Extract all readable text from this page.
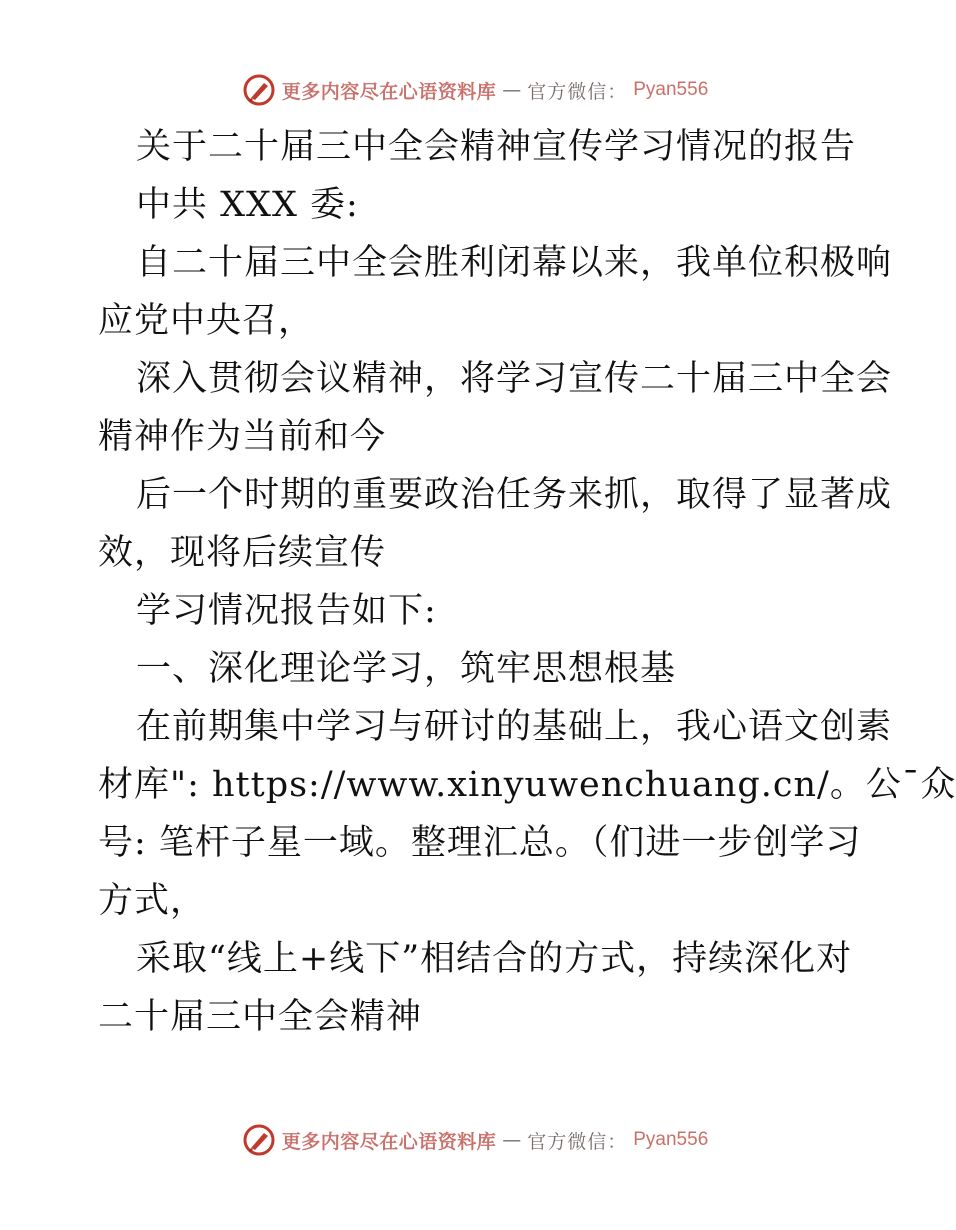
更多内容尽在心语资料库 — 官方微信： Pyan556
关于二十届三中全会精神宣传学习情况的报告
中共 XXX 委:
自二十届三中全会胜利闭幕以来，我单位积极响
应党中央召，
深入贯彻会议精神，将学习宣传二十届三中全会
精神作为当前和今
后一个时期的重要政治任务来抓，取得了显著成
效，现将后续宣传
学习情况报告如下:
一、深化理论学习，筑牢思想根基
在前期集中学习与研讨的基础上，我心语文创素
材库": https://www.xinyuwenchuang.cn/。公¯众
号: 笔杆子星一域。整理汇总。（们进一步创学习
方式，
采取“线上+线下”相结合的方式，持续深化对
二十届三中全会精神
更多内容尽在心语资料库 — 官方微信： Pyan556
